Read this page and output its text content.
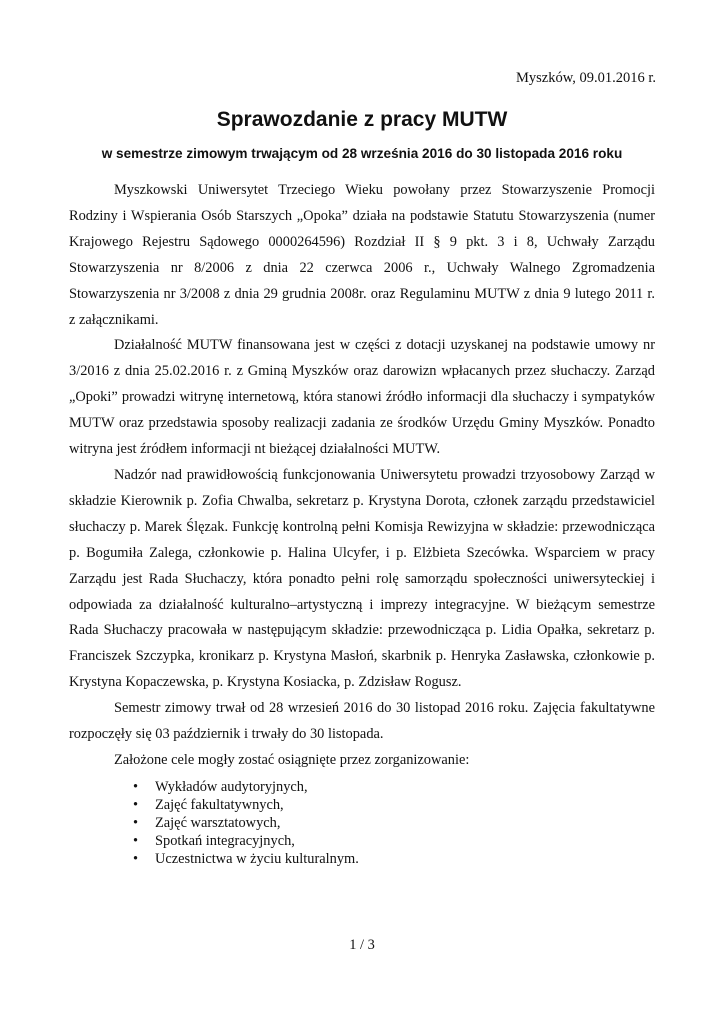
Myszków, 09.01.2016 r.
Sprawozdanie z pracy MUTW
w semestrze zimowym trwającym od 28 września 2016 do 30 listopada 2016 roku

Myszkowski Uniwersytet Trzeciego Wieku powołany przez Stowarzyszenie Promocji Rodziny i Wspierania Osób Starszych „Opoka” działa na podstawie Statutu Stowarzyszenia (numer Krajowego Rejestru Sądowego 0000264596) Rozdział II § 9 pkt. 3 i 8, Uchwały Zarządu Stowarzyszenia nr 8/2006 z dnia 22 czerwca 2006 r., Uchwały Walnego Zgromadzenia Stowarzyszenia nr 3/2008 z dnia 29 grudnia 2008r. oraz Regulaminu MUTW z dnia 9 lutego 2011 r. z załącznikami.

Działalność MUTW finansowana jest w części z dotacji uzyskanej na podstawie umowy nr 3/2016 z dnia 25.02.2016 r. z Gminą Myszków oraz darowizn wpłacanych przez słuchaczy. Zarząd „Opoki” prowadzi witrynę internetową, która stanowi źródło informacji dla słuchaczy i sympatyków MUTW oraz przedstawia sposoby realizacji zadania ze środków Urzędu Gminy Myszków. Ponadto witryna jest źródłem informacji nt bieżącej działalności MUTW.

Nadzór nad prawidłowością funkcjonowania Uniwersytetu prowadzi trzyosobowy Zarząd w składzie Kierownik p. Zofia Chwalba, sekretarz p. Krystyna Dorota, członek zarządu przedstawiciel słuchaczy p. Marek Ślęzak. Funkcję kontrolną pełni Komisja Rewizyjna w składzie: przewodnicząca p. Bogumiła Zalega, członkowie p. Halina Ulcyfer, i p. Elżbieta Szecówka. Wsparciem w pracy Zarządu jest Rada Słuchaczy, która ponadto pełni rolę samorządu społeczności uniwersyteckiej i odpowiada za działalność kulturalno–artystyczną i imprezy integracyjne. W bieżącym semestrze Rada Słuchaczy pracowała w następującym składzie: przewodnicząca p. Lidia Opałka, sekretarz p. Franciszek Szczypka, kronikarz p. Krystyna Masłoń, skarbnik p. Henryka Zasławska, członkowie p. Krystyna Kopaczewska, p. Krystyna Kosiacka, p. Zdzisław Rogusz.

Semestr zimowy trwał od 28 wrzesień 2016 do 30 listopad 2016 roku. Zajęcia fakultatywne rozpoczęły się 03 październik i trwały do 30 listopada.

Założone cele mogły zostać osiągnięte przez zorganizowanie:

• Wykładów audytoryjnych,
• Zajęć fakultatywnych,
• Zajęć warsztatowych,
• Spotkań integracyjnych,
• Uczestnictwa w życiu kulturalnym.
1 / 3
